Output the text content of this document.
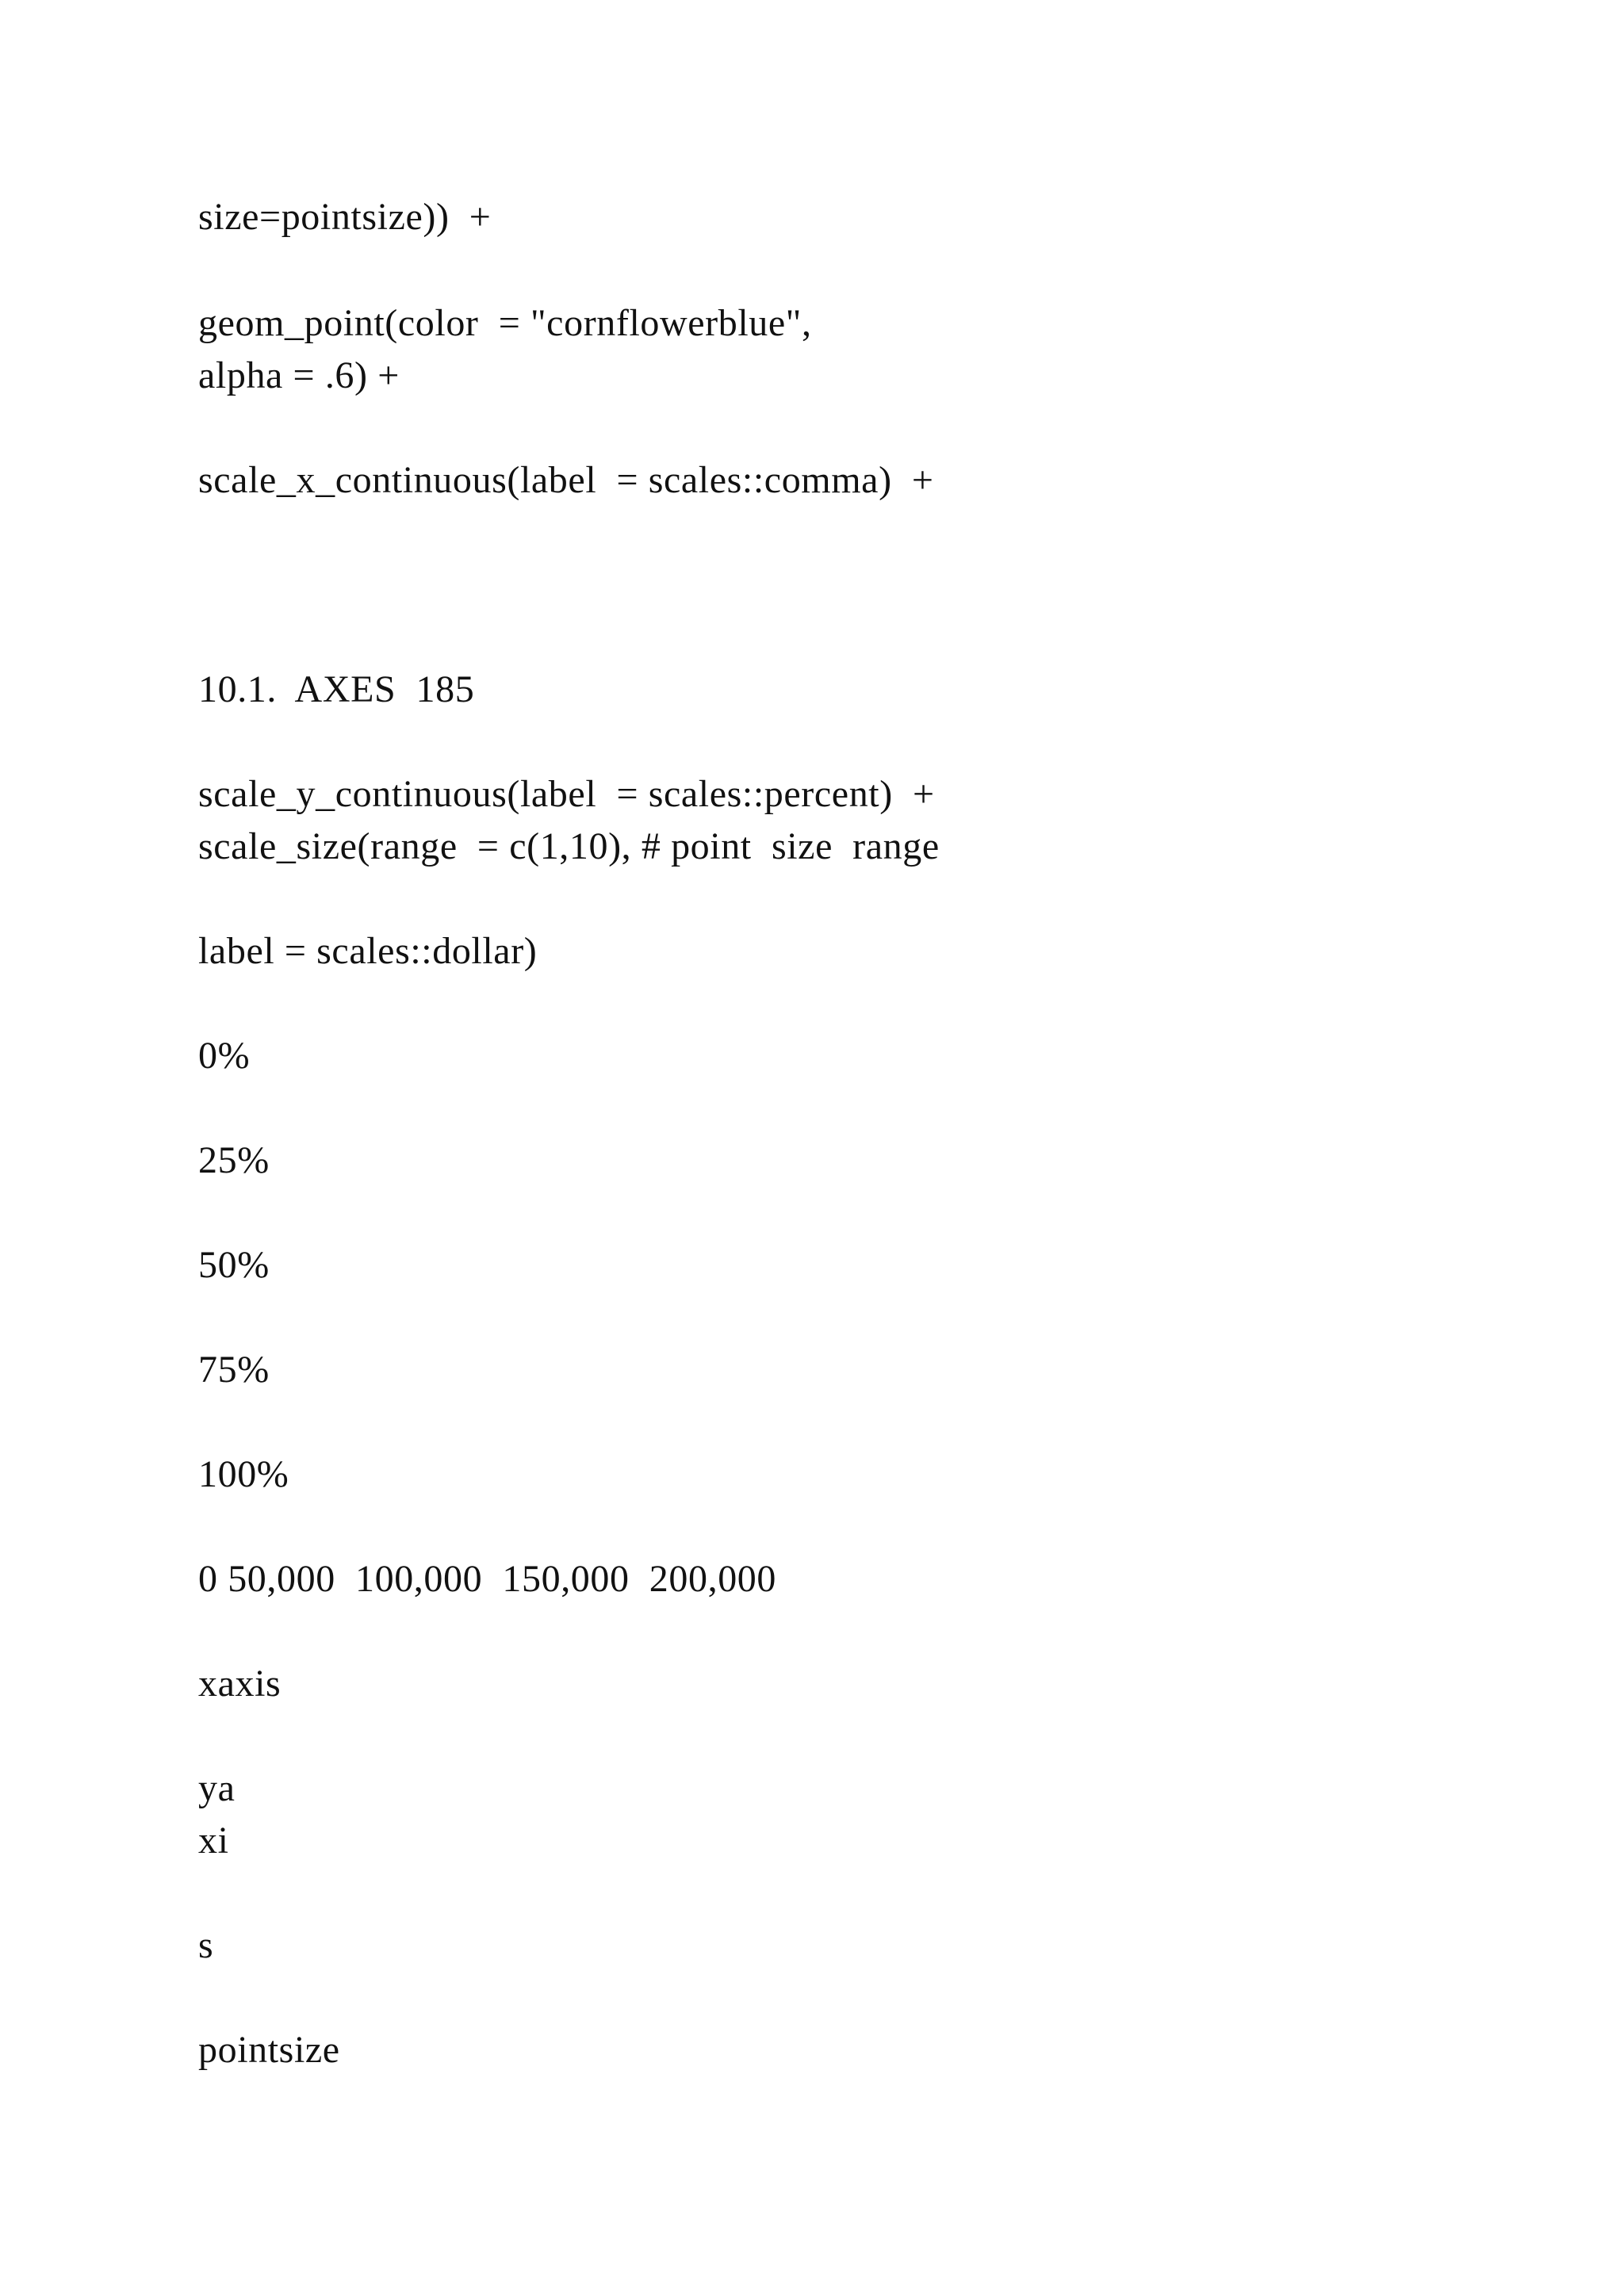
size=pointsize))  +

geom_point(color  = "cornflowerblue",

alpha = .6) +

scale_x_continuous(label  = scales::comma)  +

10.1.  AXES  185

scale_y_continuous(label  = scales::percent)  +

scale_size(range  = c(1,10), # point  size  range

label = scales::dollar)

0%

25%

50%

75%

100%

0 50,000  100,000  150,000  200,000

xaxis

ya

xi

s

pointsize
